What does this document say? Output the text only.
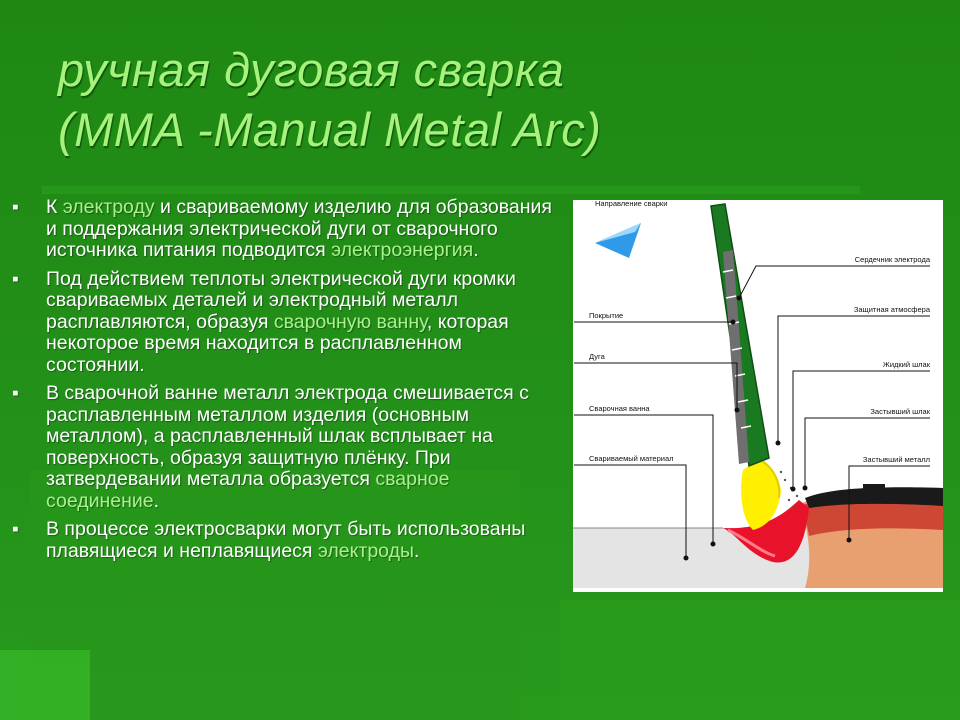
ручная дуговая сварка
(MMA -Manual Metal Arc)
▪ К электроду и свариваемому изделию для образования и поддержания электрической дуги от сварочного источника питания подводится электроэнергия.
▪ Под действием теплоты электрической дуги кромки свариваемых деталей и электродный металл расплавляются, образуя сварочную ванну, которая некоторое время находится в расплавленном состоянии.
▪ В сварочной ванне металл электрода смешивается с расплавленным металлом изделия (основным металлом), а расплавленный шлак всплывает на поверхность, образуя защитную плёнку. При затвердевании металла образуется сварное соединение.
▪ В процессе электросварки могут быть использованы плавящиеся и неплавящиеся электроды.
Направление сварки
Сердечник электрода
Покрытие
Защитная атмосфера
Дуга
Жидкий шлак
Сварочная ванна	Застывший шлак
Свариваемый материал	Застывший металл
